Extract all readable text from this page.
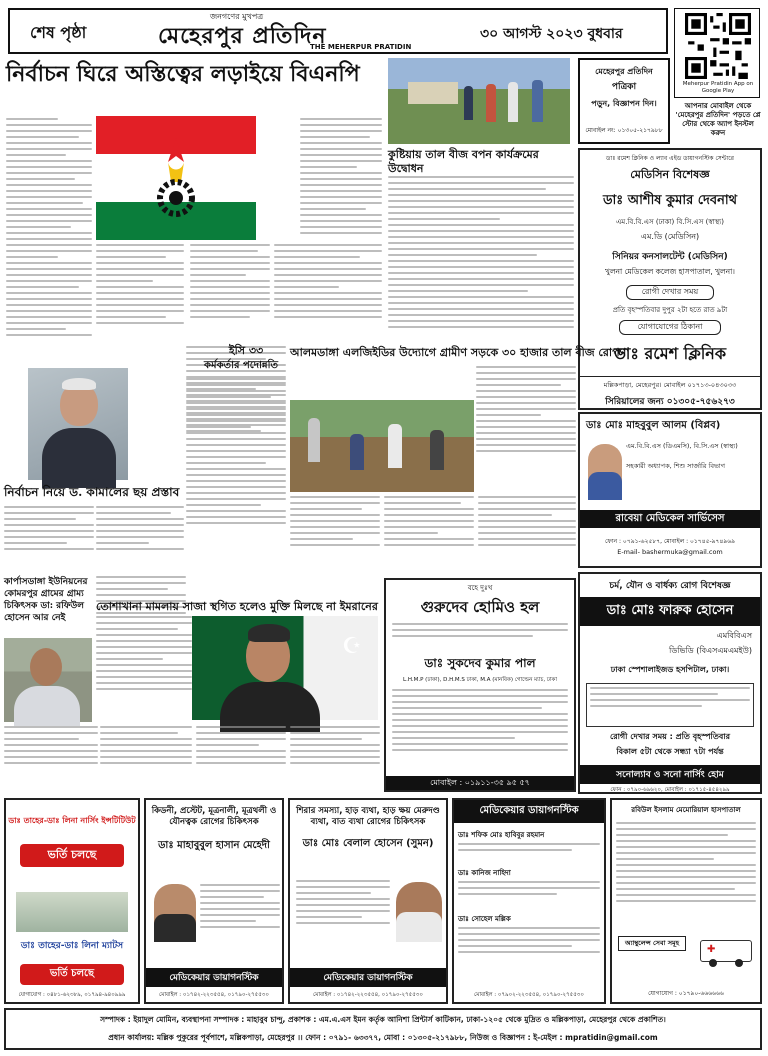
শেষ পৃষ্ঠা
জনগণের মুখপত্র
মেহেরপুর প্রতিদিন
THE MEHERPUR PRATIDIN
৩০ আগস্ট ২০২৩ বুধবার
Meherpur Pratidin App on Google Play
নির্বাচন ঘিরে অস্তিত্বের লড়াইয়ে বিএনপি
কুষ্টিয়ায় তাল বীজ বপন কার্যক্রমের উদ্বোধন
মেহেরপুর প্রতিদিন
পত্রিকা
পড়ুন, বিজ্ঞাপন দিন।
মোবাইল নং: ০১৩০৫-২১৭৯৮৮
আপনার মোবাইল থেকে 'মেহেরপুর প্রতিদিন' পড়তে প্লে স্টোর থেকে অ্যাপ ইনস্টল করুন
ডাঃ রমেশ ক্লিনিক ও ল্যাব এইড ডায়াগনস্টিক সেন্টারে
মেডিসিন বিশেষজ্ঞ
ডাঃ আশীষ কুমার দেবনাথ
এম.বি.বি.এস (ঢাকা) বি.সি.এস (স্বাস্থ্য)
এম.ডি (মেডিসিন)
সিনিয়র কনসালটেন্ট (মেডিসিন)
খুলনা মেডিকেল কলেজ হাসপাতাল, খুলনা।
রোগী দেখার সময়
প্রতি বৃহস্পতিবার দুপুর ২টা হতে রাত ৯টা
যোগাযোগের ঠিকানা
ডাঃ রমেশ ক্লিনিক
মল্লিকপাড়া, মেহেরপুর। মোবাইল ০১৭১৩-০৪৩০৩৩
সিরিয়ালের জন্য ০১৩০৫-৭৫৬২৭৩
ইসি ৩৩
কর্মকর্তার পদোন্নতি
নির্বাচন নিয়ে ড. কামালের ছয় প্রস্তাব
কার্পাসডাঙ্গা ইউনিয়নের কোমরপুর গ্রামের গ্রাম্য চিকিৎসক ডা: রফিউল হোসেন আর নেই
আলমডাঙ্গা এলজিইডির উদ্যোগে গ্রামীণ সড়কে ৩০ হাজার তাল বীজ রোপণ
ডাঃ মোঃ মাহবুবুল আলম (বিপ্লব)
এম.বি.বি.এস (ডিএমসি), বি.সি.এস (স্বাস্থ্য)
সহকারী অধ্যাপক, শিশু সার্জারি বিভাগ
রাবেয়া মেডিকেল সার্ভিসেস
ফোন : ০৭৯১-৬২৫৮৭, মোবাইল : ০১৭৪৫-৯৭৪৯৬৯
E-mail- bashermuka@gmail.com
তোশাখানা মামলায় সাজা স্থগিত হলেও মুক্তি মিলছে না ইমরানের
☪
বহে দুঃখ
গুরুদেব হোমিও হল
ডাঃ সুকদেব কুমার পাল
L.H.M.P (ঢাকা), D.H.M.S ঢাকা, M.A (মানবিক) গোল্ডেন ম্যাচ, ঢাকা
মোবাইল : ০১৯১১-৩৫ ৯৫ ৫৭
চর্ম, যৌন ও বার্ধক্য রোগ বিশেষজ্ঞ
ডাঃ মোঃ ফারুক হোসেন
এমবিবিএস
ডিভিডি (বিএসএমএমইউ)
ঢাকা স্পেশালাইজড হসপিটাল, ঢাকা।
রোগী দেখার সময় : প্রতি বৃহস্পতিবার
বিকাল ৫টা থেকে সন্ধ্যা ৭টা পর্যন্ত
সনোল্যাব ও সনো নার্সিং হোম
ফোন : ০৭৯০-৬৯৬২০, মোবাইল : ০১৭১৫-৪৫৪২৯৯
ডাঃ তাহের-ডাঃ লিনা নার্সিং ইন্সটিটিউট
ভর্তি চলছে
ডাঃ তাহের-ডাঃ লিনা ম্যাটস
ভর্তি চলছে
যোগাযোগ : ০৪৮১-৬২৩৮৯, ০১৭৯৪-৯৪০৯৯৯
কিডনী, প্রস্টেট, মূত্রনালী, মূত্রথলী ও যৌনত্বক রোগের চিকিৎসক
ডাঃ মাহাবুবুল হাসান মেহেদী
মেডিকেয়ার ডায়াগনস্টিক
মোবাইল : ০১৭৪২-২২৩৫৫৪, ০১৭৯০-২৭৫৫৩০
শিরার সমস্যা, হাড় ব্যথা, হাড় ক্ষয় মেরুদণ্ড ব্যথা, বাত ব্যথা রোগের চিকিৎসক
ডাঃ মোঃ বেলাল হোসেন (সুমন)
মেডিকেয়ার ডায়াগনস্টিক
মোবাইল : ০১৭৪২-২২৩৫৫৪, ০১৭৯০-২৭৫৫৩০
মেডিকেয়ার ডায়াগনস্টিক
ডাঃ শফিক মোঃ হাবিবুর রহমান
ডাঃ কানিজ নাহিদা
ডাঃ সোহেল মল্লিক
মোবাইল : ০৭৯০২-২২৩৫৫৪, ০১৭৯০-২৭৫৫৩০
রবিউল ইসলাম মেমোরিয়াল হাসপাতাল
অ্যাম্বুলেন্স সেবা সমূহ
✚
যোগাযোগ : ০১৭৯০-৬৬৬৬৬৬
সম্পাদক : ইয়াদুল মোমিন, ব্যবস্থাপনা সম্পাদক : মাহাবুব চান্দু, প্রকাশক : এম.এ.এস ইমন কর্তৃক আনিশা প্রিন্টার্স কাটিকান, ঢাকা-১২০৫ থেকে মুদ্রিত ও মল্লিকপাড়া, মেহেরপুর থেকে প্রকাশিত।
প্রধান কার্যালয়: মল্লিক পুকুরের পূর্বপাশে, মল্লিকপাড়া, মেহেরপুর ।। ফোন : ০৭৯১- ৬৩৩৭৭, মোবা : ০১৩০৫-২১৭৯৮৮, নিউজ ও বিজ্ঞাপন : ই-মেইল : mpratidin@gmail.com
